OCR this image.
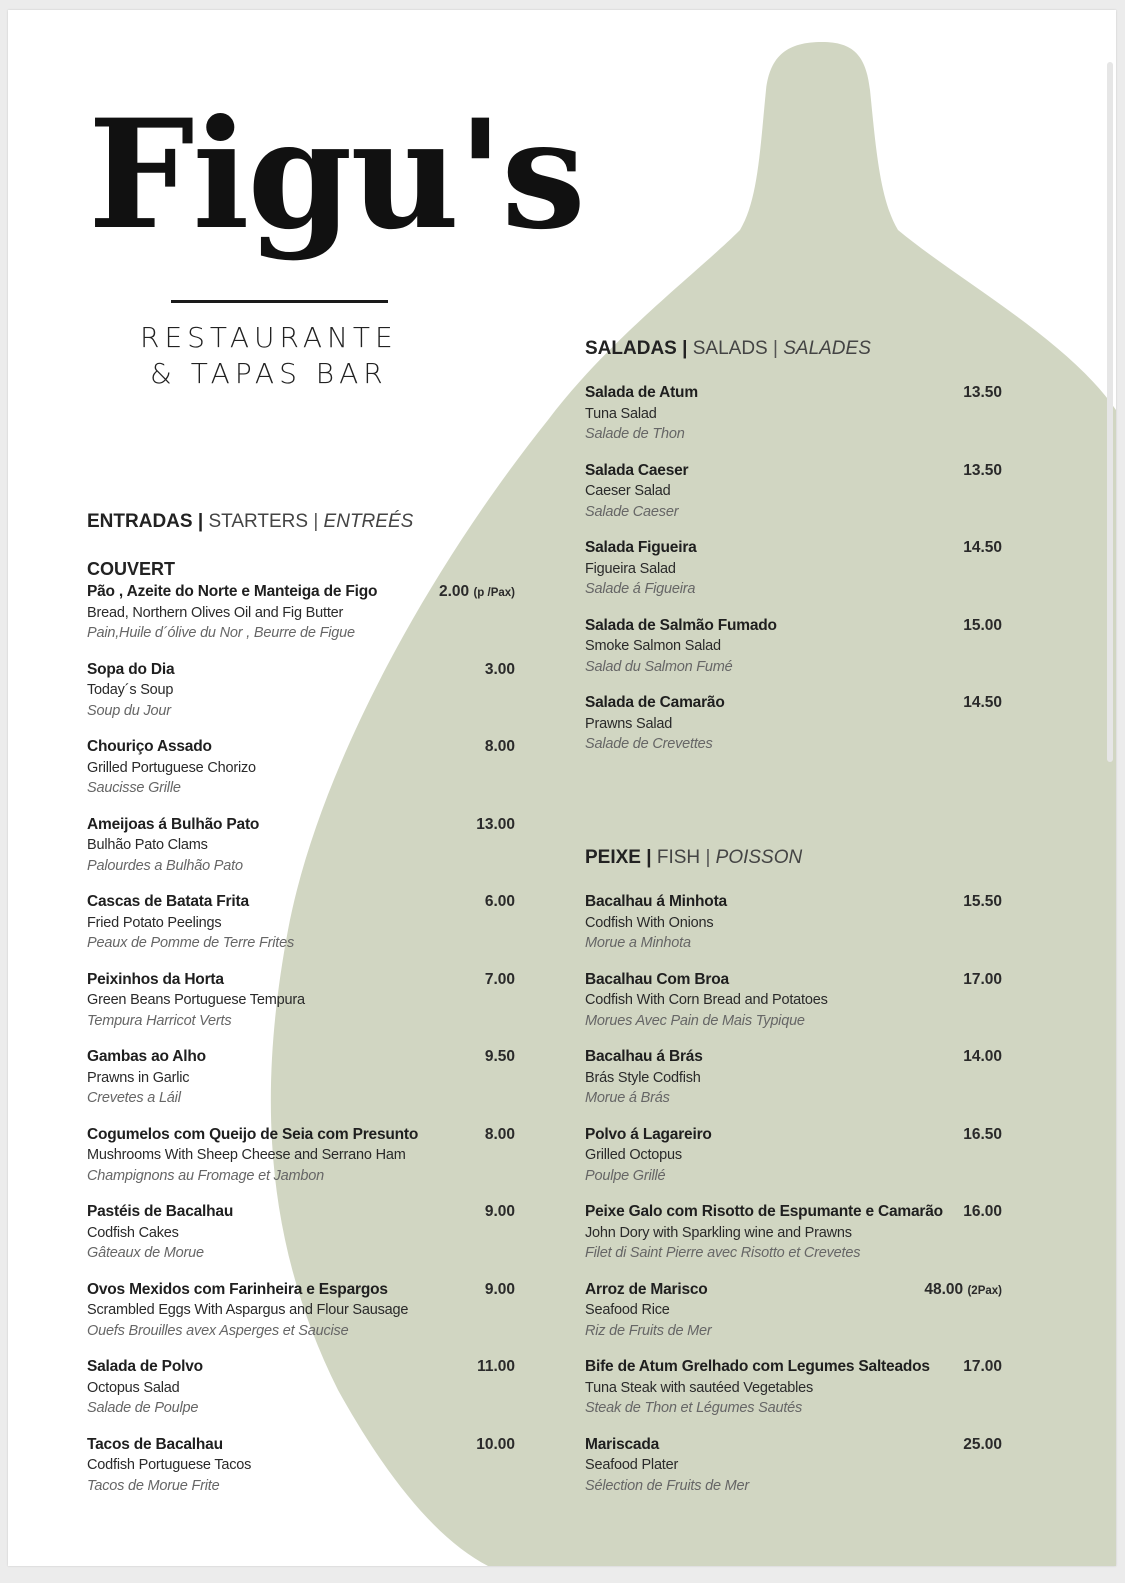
Figu's
RESTAURANTE
& TAPAS BAR
ENTRADAS | STARTERS | ENTREÉS
COUVERT
Pão , Azeite do Norte e Manteiga de Figo
Bread, Northern Olives Oil and Fig Butter
Pain,Huile d´ólive du Nor , Beurre de Figue
2.00 (p /Pax)
Sopa do Dia
Today´s Soup
Soup du Jour
3.00
Chouriço Assado
Grilled Portuguese Chorizo
Saucisse Grille
8.00
Ameijoas á Bulhão Pato
Bulhão Pato Clams
Palourdes a Bulhão Pato
13.00
Cascas de Batata Frita
Fried Potato Peelings
Peaux de Pomme de Terre Frites
6.00
Peixinhos da Horta
Green Beans Portuguese Tempura
Tempura Harricot Verts
7.00
Gambas ao Alho
Prawns in Garlic
Crevetes a Láil
9.50
Cogumelos com Queijo de Seia com Presunto
Mushrooms With Sheep Cheese and Serrano Ham
Champignons au Fromage et Jambon
8.00
Pastéis de Bacalhau
Codfish Cakes
Gâteaux de Morue
9.00
Ovos Mexidos com Farinheira e Espargos
Scrambled Eggs With Aspargus and Flour Sausage
Ouefs Brouilles avex Asperges et Saucise
9.00
Salada de Polvo
Octopus Salad
Salade de Poulpe
11.00
Tacos de Bacalhau
Codfish Portuguese Tacos
Tacos de Morue Frite
10.00
SALADAS | SALADS | SALADES
Salada de Atum
Tuna Salad
Salade de Thon
13.50
Salada Caeser
Caeser Salad
Salade Caeser
13.50
Salada Figueira
Figueira Salad
Salade á Figueira
14.50
Salada de Salmão Fumado
Smoke Salmon Salad
Salad du Salmon Fumé
15.00
Salada de Camarão
Prawns Salad
Salade de Crevettes
14.50
PEIXE | FISH | POISSON
Bacalhau á Minhota
Codfish With Onions
Morue a Minhota
15.50
Bacalhau Com Broa
Codfish With Corn Bread and Potatoes
Morues Avec Pain de Mais Typique
17.00
Bacalhau á Brás
Brás Style Codfish
Morue á Brás
14.00
Polvo á Lagareiro
Grilled Octopus
Poulpe Grillé
16.50
Peixe Galo com Risotto de Espumante e Camarão
John Dory with Sparkling wine and Prawns
Filet di Saint Pierre avec Risotto et Crevetes
16.00
Arroz de Marisco
Seafood Rice
Riz de Fruits de Mer
48.00 (2Pax)
Bife de Atum Grelhado com Legumes Salteados
Tuna Steak with sautéed Vegetables
Steak de Thon et Légumes Sautés
17.00
Mariscada
Seafood Plater
Sélection de Fruits de Mer
25.00
